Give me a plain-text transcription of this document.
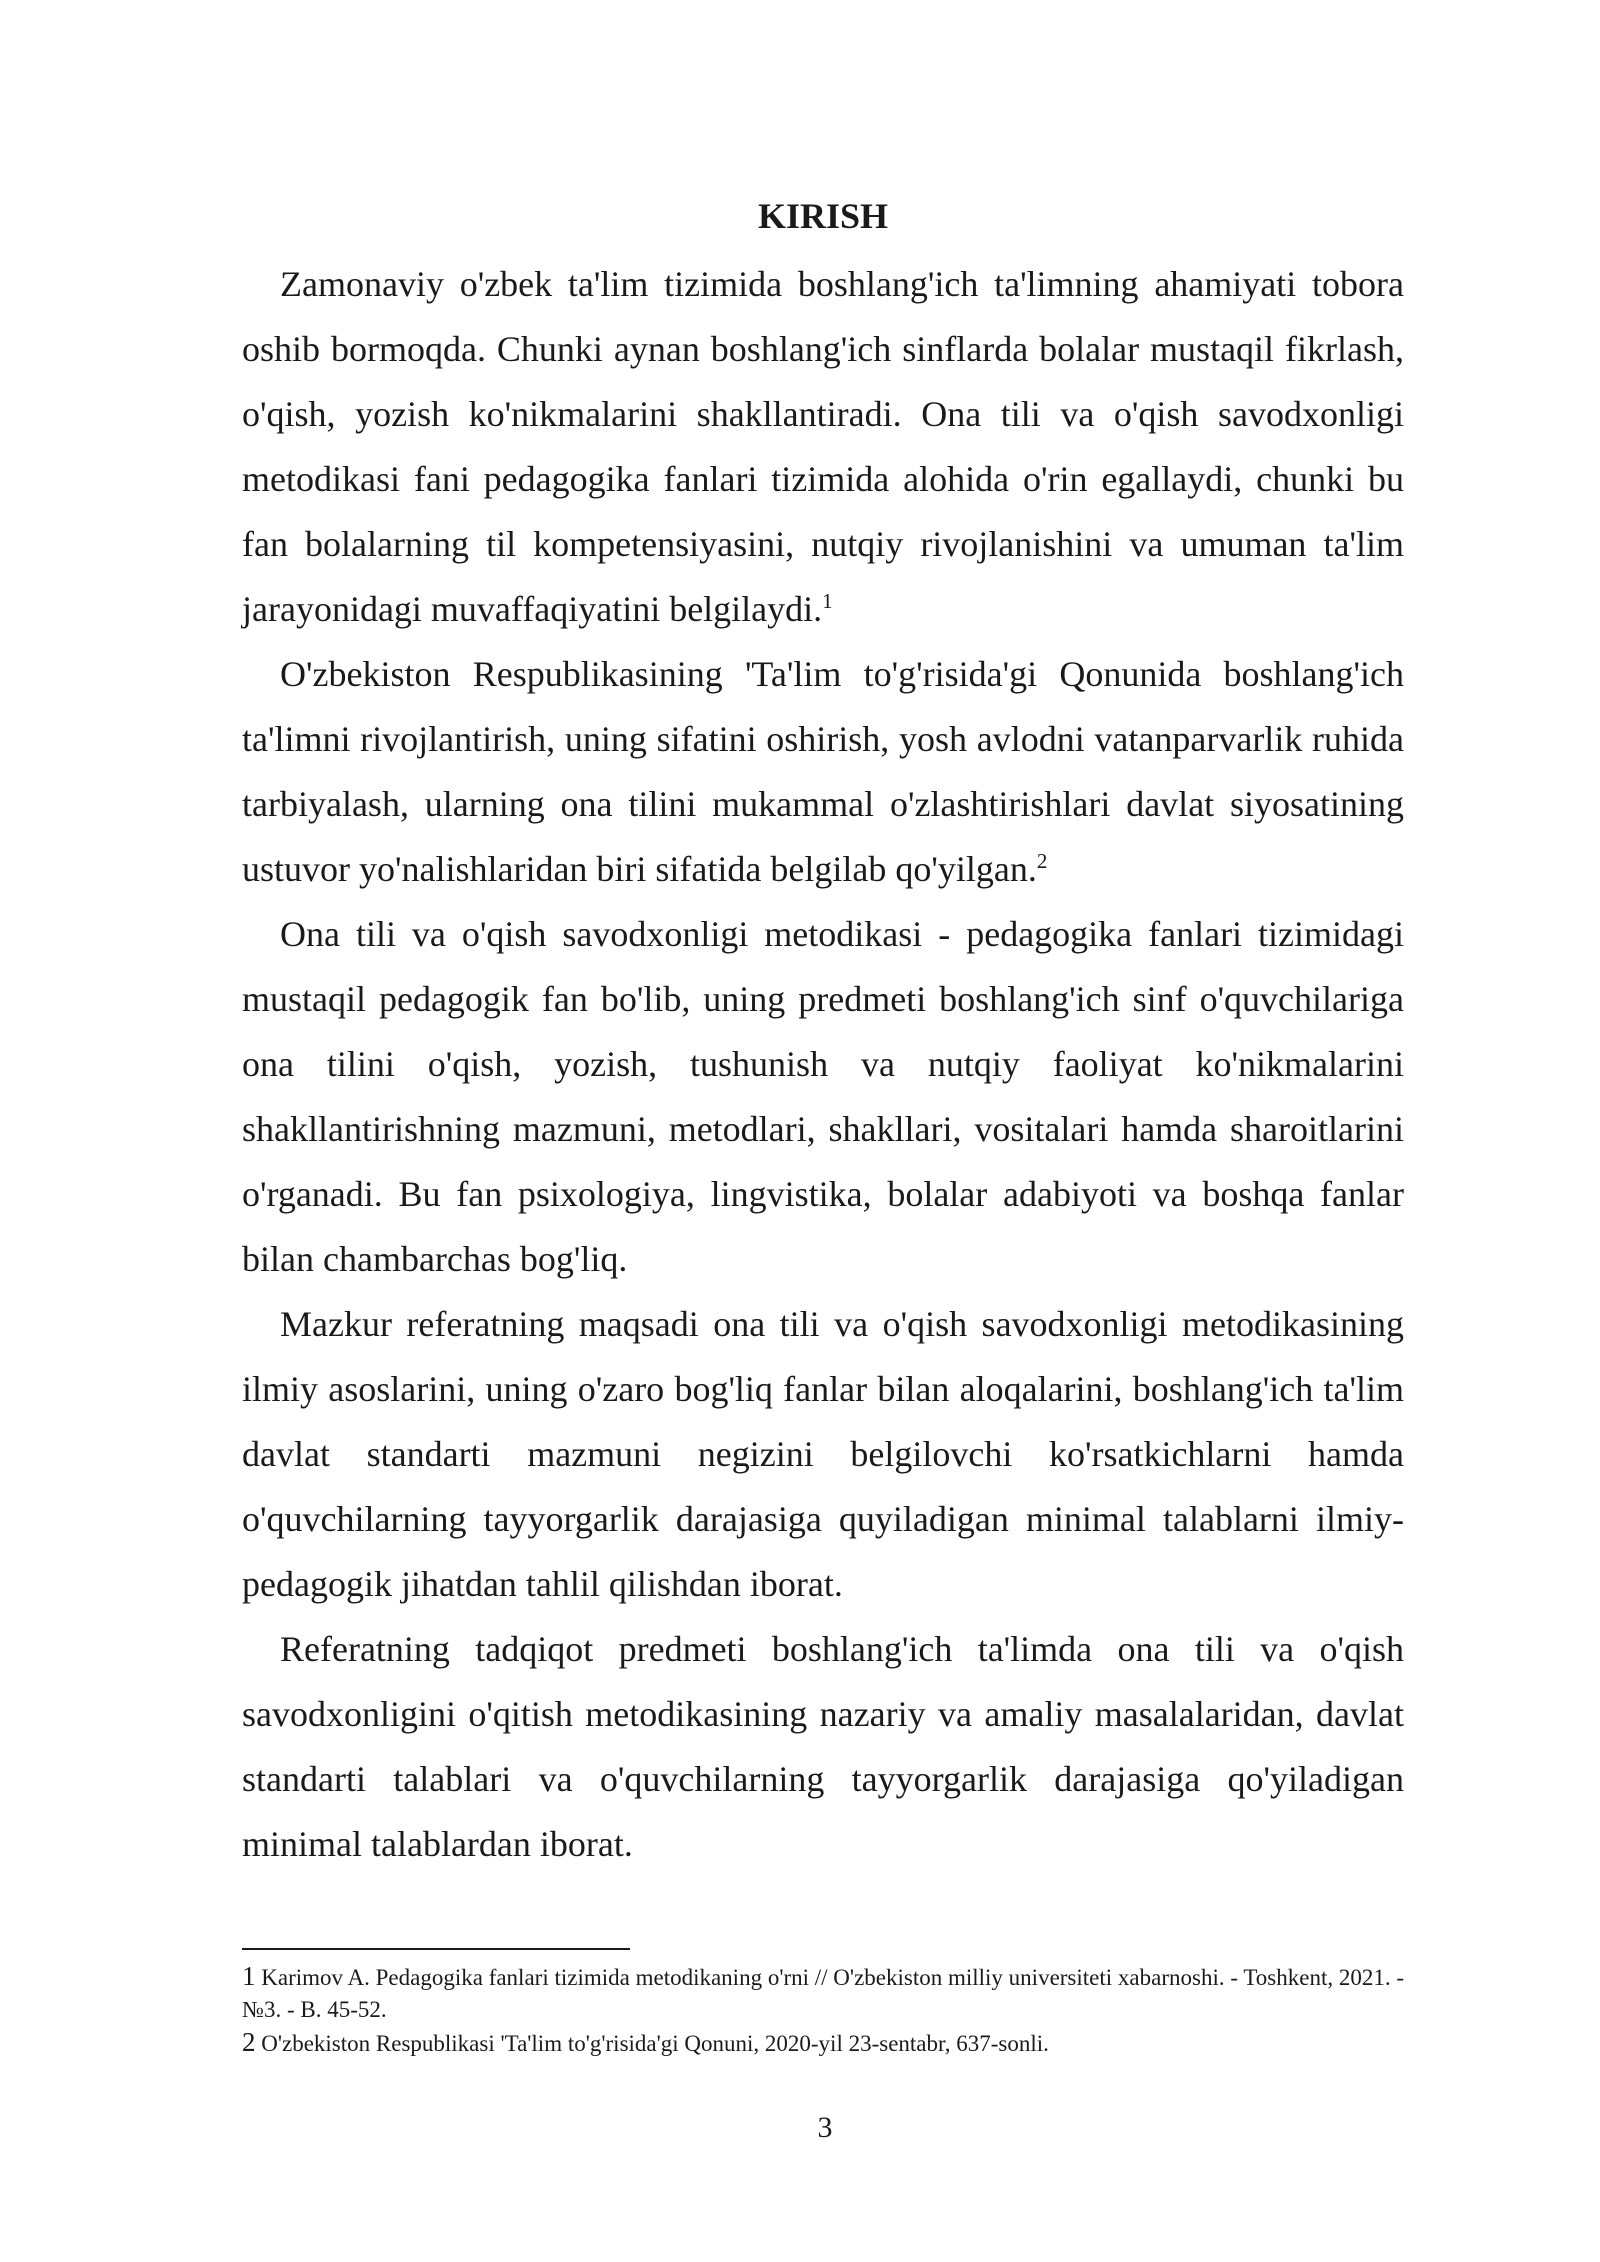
KIRISH

Zamonaviy o'zbek ta'lim tizimida boshlang'ich ta'limning ahamiyati tobora oshib bormoqda. Chunki aynan boshlang'ich sinflarda bolalar mustaqil fikrlash, o'qish, yozish ko'nikmalarini shakllantiradi. Ona tili va o'qish savodxonligi metodikasi fani pedagogika fanlari tizimida alohida o'rin egallaydi, chunki bu fan bolalarning til kompetensiyasini, nutqiy rivojlanishini va umuman ta'lim jarayonidagi muvaffaqiyatini belgilaydi.$^1$

O'zbekiston Respublikasining 'Ta'lim to'g'risida'gi Qonunida boshlang'ich ta'limni rivojlantirish, uning sifatini oshirish, yosh avlodni vatanparvarlik ruhida tarbiyalash, ularning ona tilini mukammal o'zlashtirishlari davlat siyosatining ustuvor yo'nalishlaridan biri sifatida belgilab qo'yilgan.$^2$

Ona tili va o'qish savodxonligi metodikasi - pedagogika fanlari tizimidagi mustaqil pedagogik fan bo'lib, uning predmeti boshlang'ich sinf o'quvchilariga ona tilini o'qish, yozish, tushunish va nutqiy faoliyat ko'nikmalarini shakllantirishning mazmuni, metodlari, shakllari, vositalari hamda sharoitlarini o'rganadi. Bu fan psixologiya, lingvistika, bolalar adabiyoti va boshqa fanlar bilan chambarchas bog'liq.

Mazkur referatning maqsadi ona tili va o'qish savodxonligi metodikasining ilmiy asoslarini, uning o'zaro bog'liq fanlar bilan aloqalarini, boshlang'ich ta'lim davlat standarti mazmuni negizini belgilovchi ko'rsatkichlarni hamda o'quvchilarning tayyorgarlik darajasiga quyiladigan minimal talablarni ilmiy-pedagogik jihatdan tahlil qilishdan iborat.

Referatning tadqiqot predmeti boshlang'ich ta'limda ona tili va o'qish savodxonligini o'qitish metodikasining nazariy va amaliy masalalaridan, davlat standarti talablari va o'quvchilarning tayyorgarlik darajasiga qo'yiladigan minimal talablardan iborat.

1 Karimov A. Pedagogika fanlari tizimida metodikaning o'rni // O'zbekiston milliy universiteti xabarnoshi. - Toshkent, 2021. - №3. - B. 45-52.

2 O'zbekiston Respublikasi 'Ta'lim to'g'risida'gi Qonuni, 2020-yil 23-sentabr, 637-sonli.

3
